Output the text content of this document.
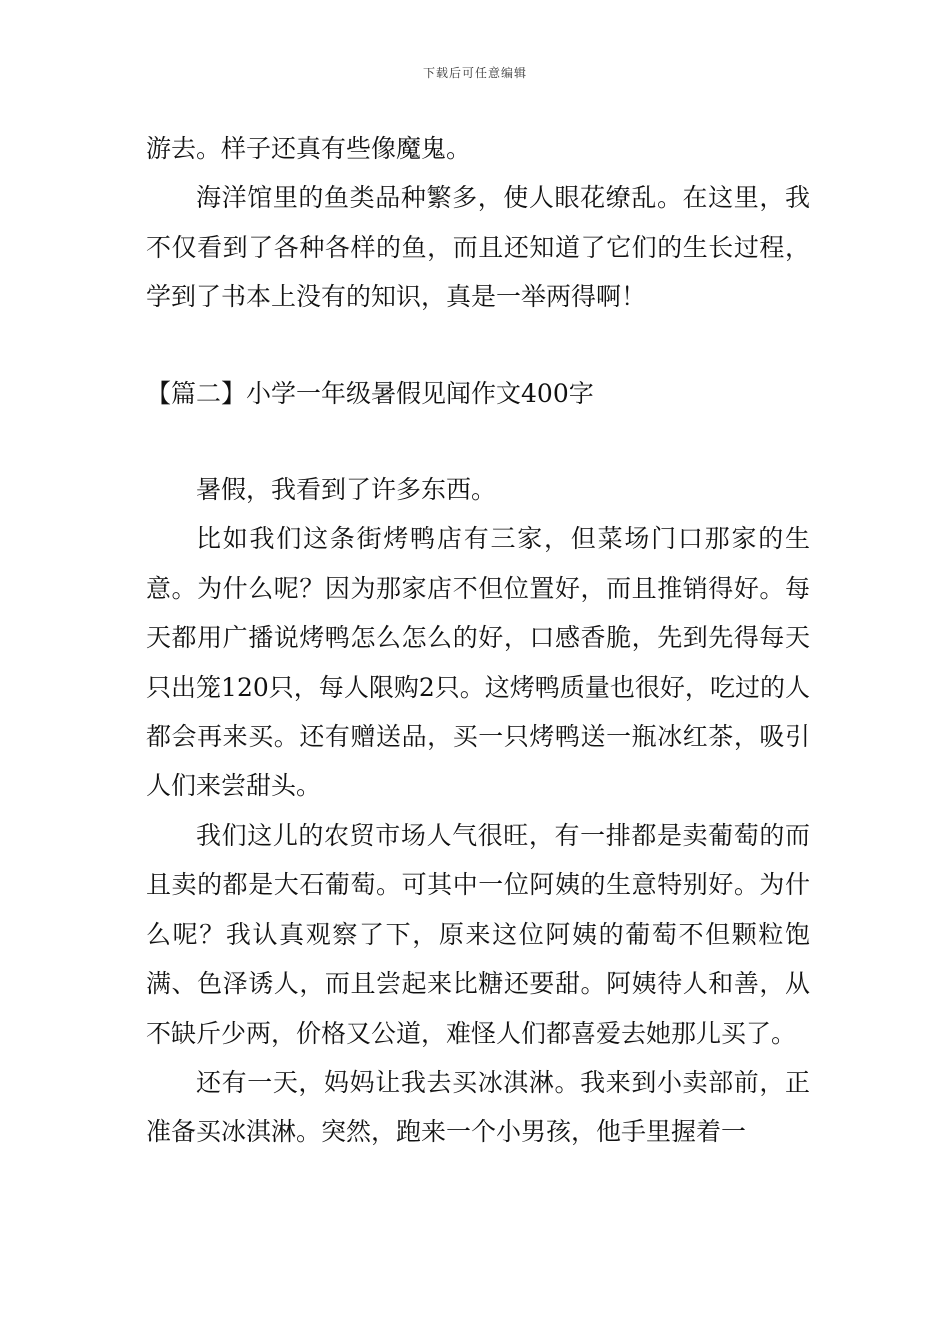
下载后可任意编辑

游去。样子还真有些像魔鬼。

海洋馆里的鱼类品种繁多，使人眼花缭乱。在这里，我不仅看到了各种各样的鱼，而且还知道了它们的生长过程，学到了书本上没有的知识，真是一举两得啊！

【篇二】小学一年级暑假见闻作文400字

暑假，我看到了许多东西。

比如我们这条街烤鸭店有三家，但菜场门口那家的生意。为什么呢？因为那家店不但位置好，而且推销得好。每天都用广播说烤鸭怎么怎么的好，口感香脆，先到先得每天只出笼120只，每人限购2只。这烤鸭质量也很好，吃过的人都会再来买。还有赠送品，买一只烤鸭送一瓶冰红茶，吸引人们来尝甜头。

我们这儿的农贸市场人气很旺，有一排都是卖葡萄的而且卖的都是大石葡萄。可其中一位阿姨的生意特别好。为什么呢？我认真观察了下，原来这位阿姨的葡萄不但颗粒饱满、色泽诱人，而且尝起来比糖还要甜。阿姨待人和善，从不缺斤少两，价格又公道，难怪人们都喜爱去她那儿买了。

还有一天，妈妈让我去买冰淇淋。我来到小卖部前，正准备买冰淇淋。突然，跑来一个小男孩，他手里握着一
